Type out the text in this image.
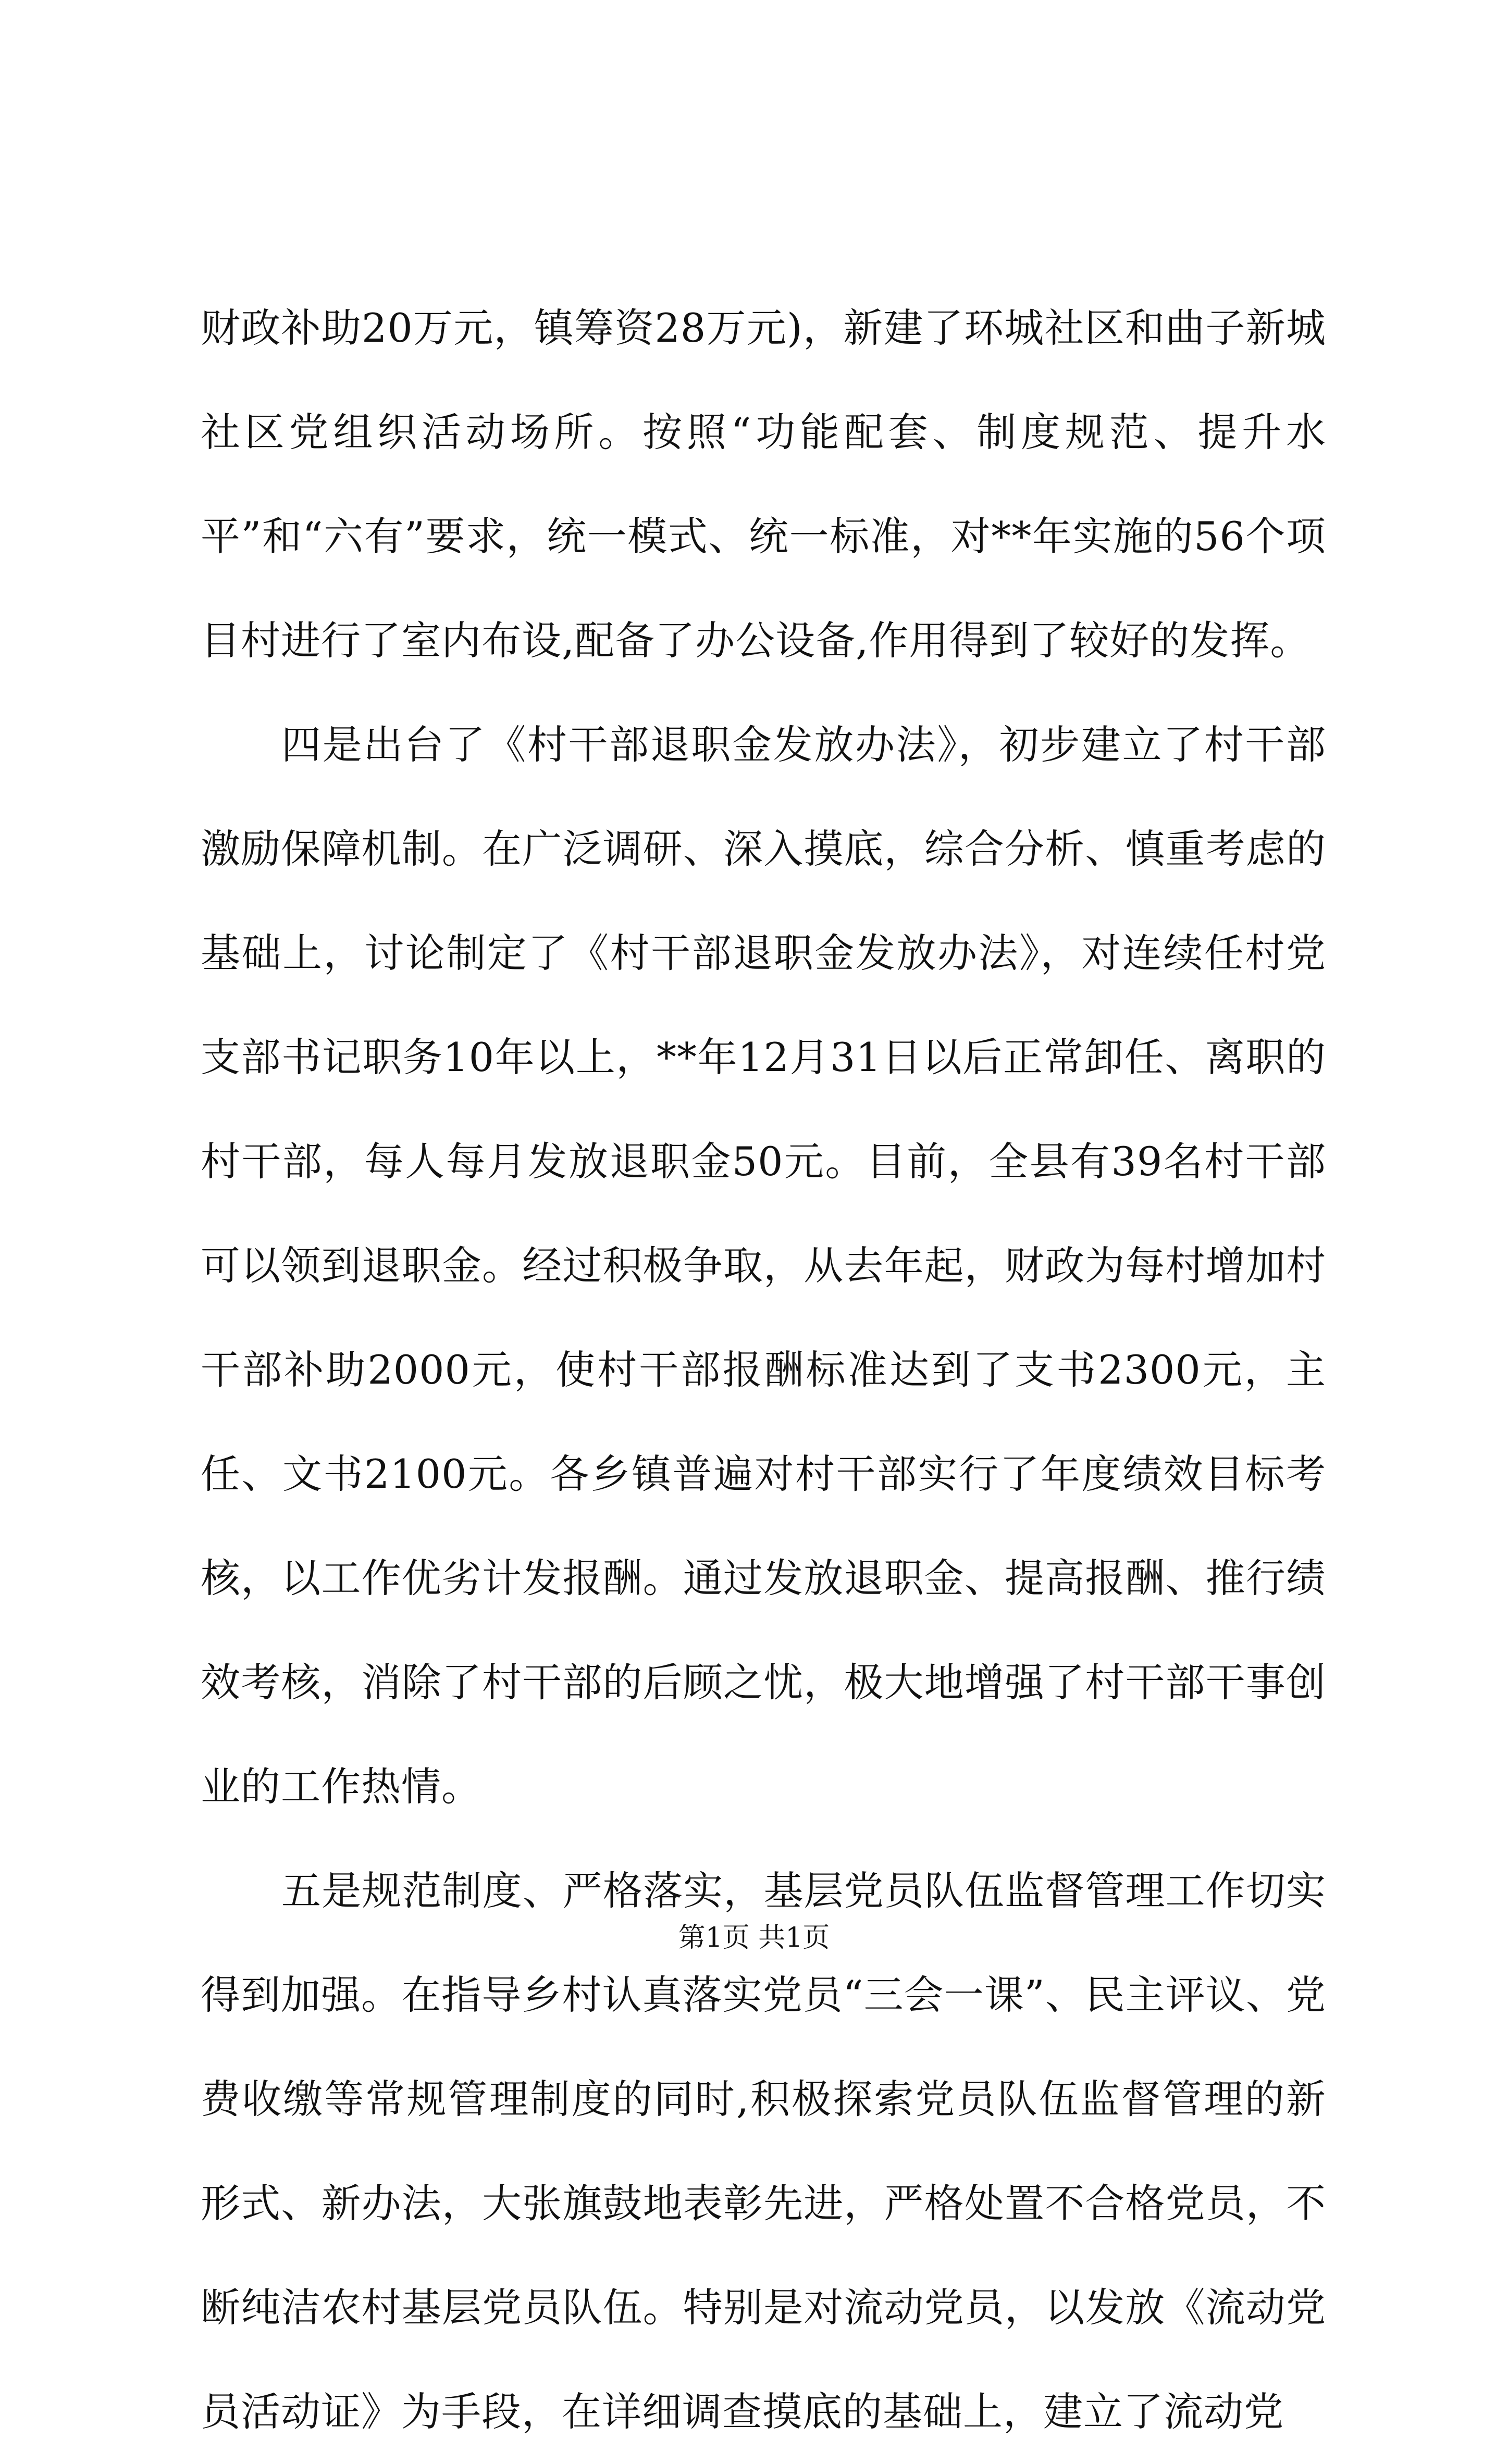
财政补助20万元，镇筹资28万元)，新建了环城社区和曲子新城社区党组织活动场所。按照“功能配套、制度规范、提升水平”和“六有”要求，统一模式、统一标准，对**年实施的56个项目村进行了室内布设,配备了办公设备,作用得到了较好的发挥。

四是出台了《村干部退职金发放办法》，初步建立了村干部激励保障机制。在广泛调研、深入摸底，综合分析、慎重考虑的基础上，讨论制定了《村干部退职金发放办法》，对连续任村党支部书记职务10年以上，**年12月31日以后正常卸任、离职的村干部，每人每月发放退职金50元。目前，全县有39名村干部可以领到退职金。经过积极争取，从去年起，财政为每村增加村干部补助2000元，使村干部报酬标准达到了支书2300元，主任、文书2100元。各乡镇普遍对村干部实行了年度绩效目标考核，以工作优劣计发报酬。通过发放退职金、提高报酬、推行绩效考核，消除了村干部的后顾之忧，极大地增强了村干部干事创业的工作热情。

五是规范制度、严格落实，基层党员队伍监督管理工作切实得到加强。在指导乡村认真落实党员“三会一课”、民主评议、党费收缴等常规管理制度的同时,积极探索党员队伍监督管理的新形式、新办法，大张旗鼓地表彰先进，严格处置不合格党员，不断纯洁农村基层党员队伍。特别是对流动党员，以发放《流动党员活动证》为手段，在详细调查摸底的基础上，建立了流动党

第1页 共1页
